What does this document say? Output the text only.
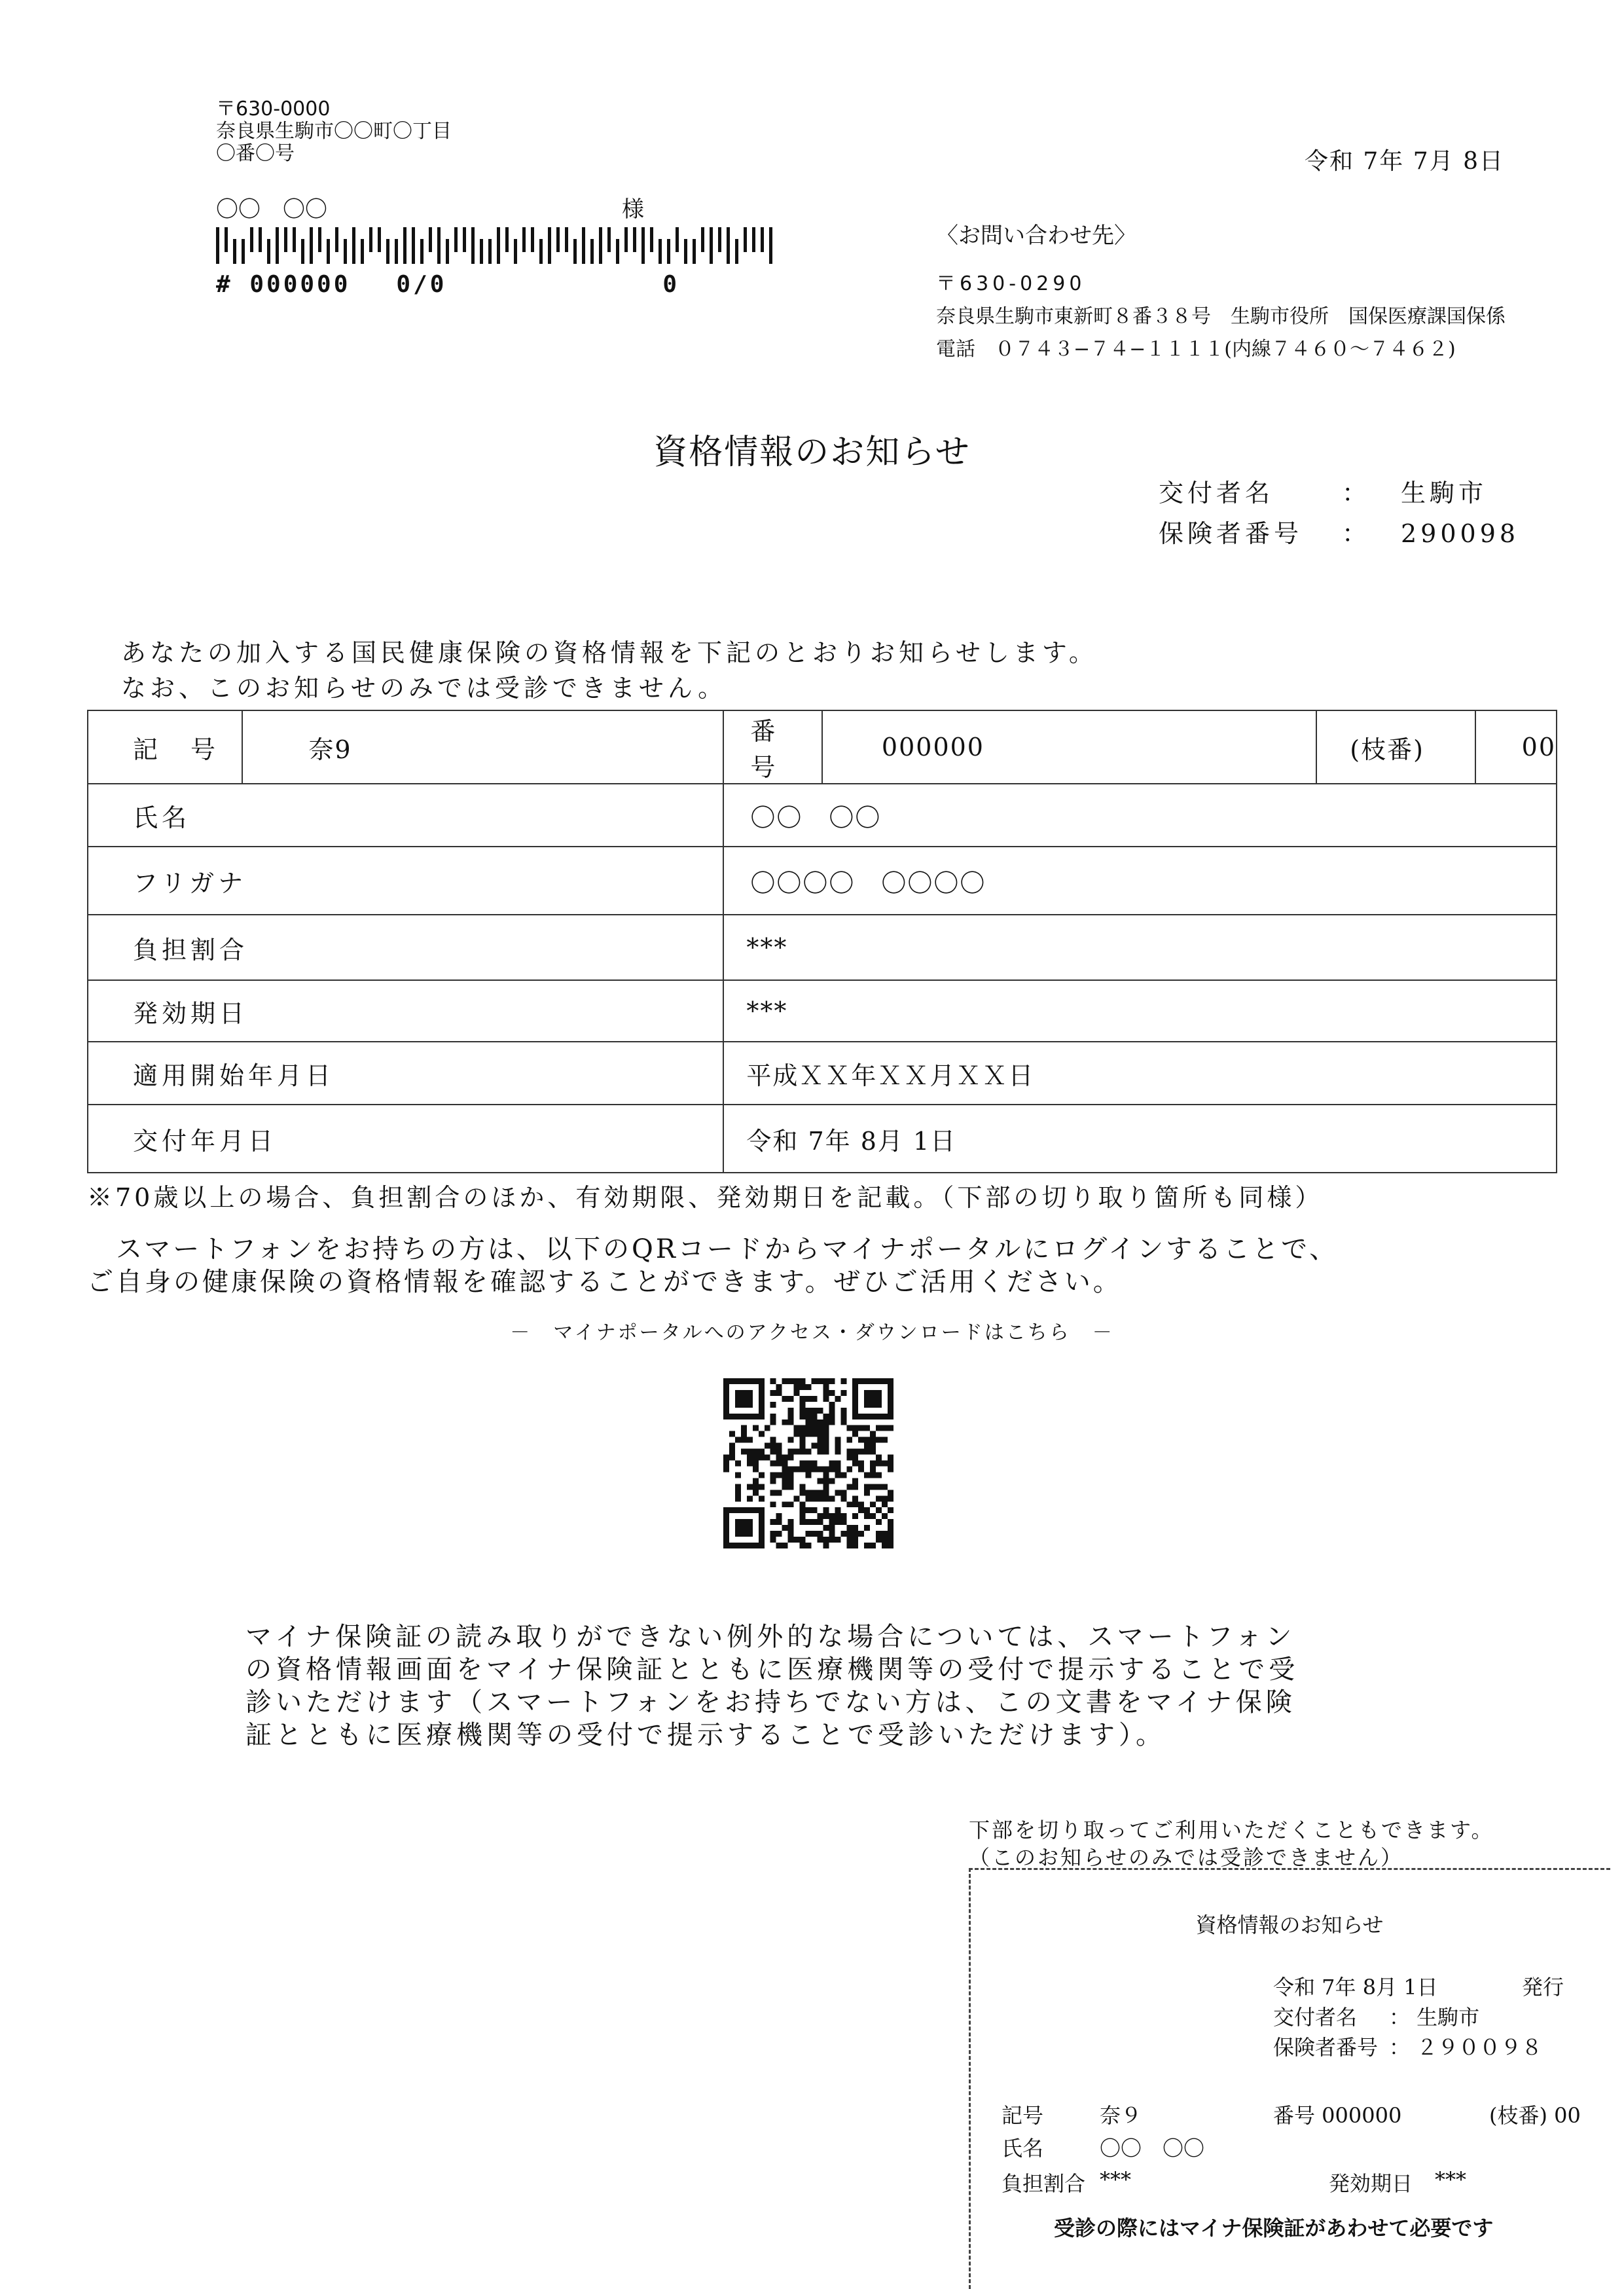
〒630-0000
奈良県生駒市〇〇町〇丁目
〇番〇号
〇〇　〇〇	様
# 000000 0/0	0
令和 7年 7月 8日
〈お問い合わせ先〉
〒630-0290
奈良県生駒市東新町８番３８号　生駒市役所　国保医療課国保係
電話　０７４３−７４−１１１１(内線７４６０〜７４６２)
資格情報のお知らせ
交付者名	： 生駒市
保険者番号 ： 290098
あなたの加入する国民健康保険の資格情報を下記のとおりお知らせします。
なお、このお知らせのみでは受診できません。
記　号	奈9	番　号	000000	(枝番)	00
氏名		〇〇　〇〇			
フリガナ		〇〇〇〇　〇〇〇〇			
負担割合		***			
発効期日		***			
適用開始年月日		平成ＸＸ年ＸＸ月ＸＸ日			
交付年月日		令和 7年 8月 1日			
※70歳以上の場合、負担割合のほか、有効期限、発効期日を記載。（下部の切り取り箇所も同様）
　スマートフォンをお持ちの方は、以下のQRコードからマイナポータルにログインすることで、
ご自身の健康保険の資格情報を確認することができます。ぜひご活用ください。
－　マイナポータルへのアクセス・ダウンロードはこちら　－
マイナ保険証の読み取りができない例外的な場合については、スマートフォン
の資格情報画面をマイナ保険証とともに医療機関等の受付で提示することで受
診いただけます（スマートフォンをお持ちでない方は、この文書をマイナ保険
証とともに医療機関等の受付で提示することで受診いただけます）。
下部を切り取ってご利用いただくこともできます。
（このお知らせのみでは受診できません）
資格情報のお知らせ
令和 7年 8月 1日	発行
交付者名 ： 生駒市
保険者番号 ： ２９００９８
記号	奈９	番号 000000	(枝番) 00
氏名	〇〇　〇〇
負担割合 ***	発効期日 ***
受診の際にはマイナ保険証があわせて必要です
